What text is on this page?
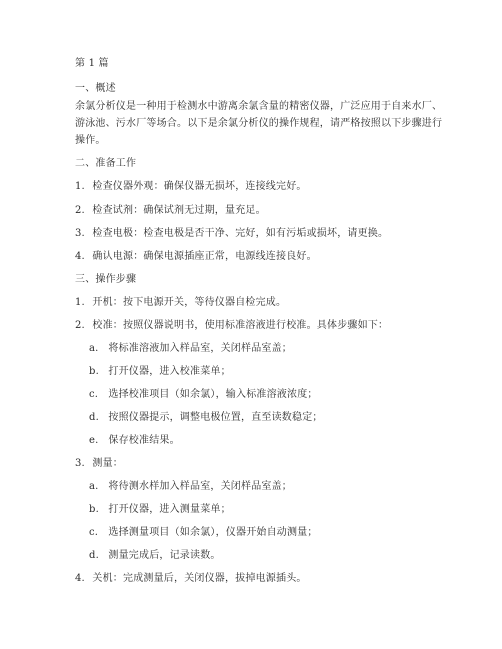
第 1 篇
一、概述
余氯分析仪是一种用于检测水中游离余氯含量的精密仪器，广泛应用于自来水厂、
游泳池、污水厂等场合。以下是余氯分析仪的操作规程，请严格按照以下步骤进行
操作。
二、准备工作
1. 检查仪器外观：确保仪器无损坏，连接线完好。
2. 检查试剂：确保试剂无过期，量充足。
3. 检查电极：检查电极是否干净、完好，如有污垢或损坏，请更换。
4. 确认电源：确保电源插座正常，电源线连接良好。
三、操作步骤
1. 开机：按下电源开关，等待仪器自检完成。
2. 校准：按照仪器说明书，使用标准溶液进行校准。具体步骤如下：
a. 将标准溶液加入样品室，关闭样品室盖；
b. 打开仪器，进入校准菜单；
c. 选择校准项目（如余氯），输入标准溶液浓度；
d. 按照仪器提示，调整电极位置，直至读数稳定；
e. 保存校准结果。
3. 测量：
a. 将待测水样加入样品室，关闭样品室盖；
b. 打开仪器，进入测量菜单；
c. 选择测量项目（如余氯），仪器开始自动测量；
d. 测量完成后，记录读数。
4. 关机：完成测量后，关闭仪器，拔掉电源插头。
